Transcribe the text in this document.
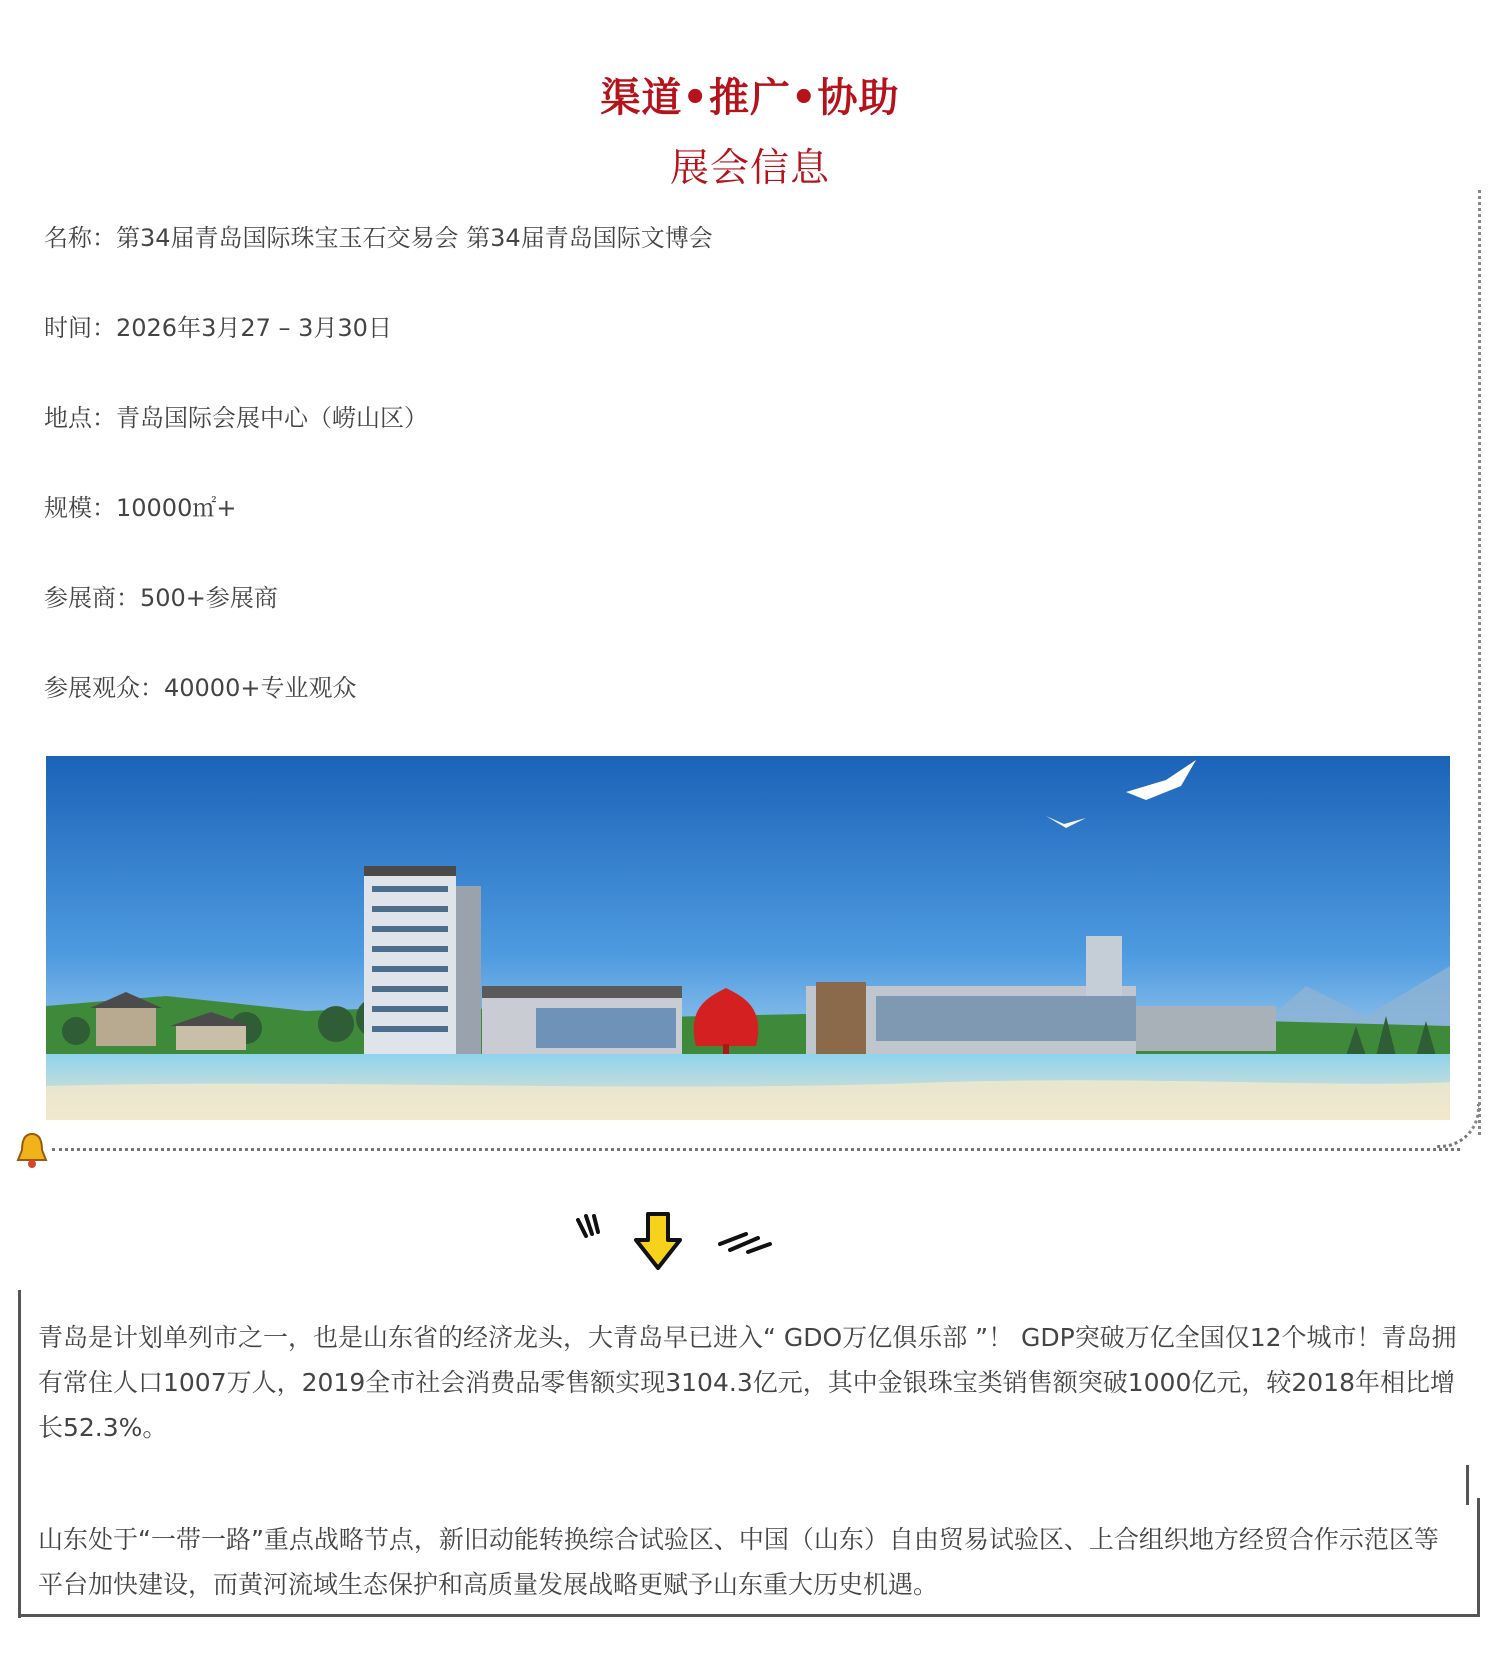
渠道•推广•协助
展会信息
名称：第34届青岛国际珠宝玉石交易会 第34届青岛国际文博会
时间：2026年3月27 – 3月30日
地点：青岛国际会展中心（崂山区）
规模：10000㎡+
参展商：500+参展商
参展观众：40000+专业观众
青岛是计划单列市之一，也是山东省的经济龙头，大青岛早已进入“ GDO万亿俱乐部 ”！ GDP突破万亿全国仅12个城市！青岛拥有常住人口1007万人，2019全市社会消费品零售额实现3104.3亿元，其中金银珠宝类销售额突破1000亿元，较2018年相比增长52.3%。
山东处于“一带一路”重点战略节点，新旧动能转换综合试验区、中国（山东）自由贸易试验区、上合组织地方经贸合作示范区等平台加快建设，而黄河流域生态保护和高质量发展战略更赋予山东重大历史机遇。
